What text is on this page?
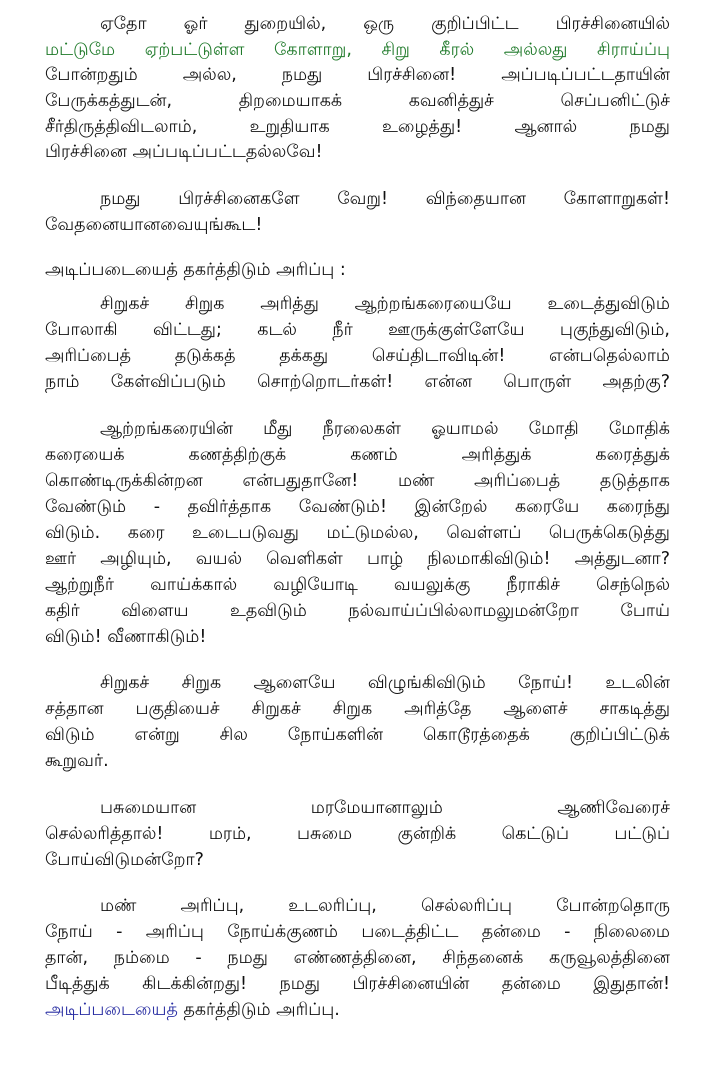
ஏதோ ஓர் துறையில், ஒரு குறிப்பிட்ட பிரச்சினையில்
மட்டுமே ஏற்பட்டுள்ள கோளாறு, சிறு கீரல் அல்லது சிராய்ப்பு
போன்றதும் அல்ல, நமது பிரச்சினை! அப்படிப்பட்டதாயின்
பேருக்கத்துடன், திறமையாகக் கவனித்துச் செப்பனிட்டுச்
சீர்திருத்திவிடலாம், உறுதியாக உழைத்து! ஆனால் நமது
பிரச்சினை அப்படிப்பட்டதல்லவே!
நமது பிரச்சினைகளே வேறு! விந்தையான கோளாறுகள்!
வேதனையானவையுங்கூட!
அடிப்படையைத் தகர்த்திடும் அரிப்பு :
சிறுகச் சிறுக அரித்து ஆற்றங்கரையையே உடைத்துவிடும்
போலாகி விட்டது; கடல் நீர் ஊருக்குள்ளேயே புகுந்துவிடும்,
அரிப்பைத் தடுக்கத் தக்கது செய்திடாவிடின்! என்பதெல்லாம்
நாம் கேள்விப்படும் சொற்றொடர்கள்! என்ன பொருள் அதற்கு?
ஆற்றங்கரையின் மீது நீரலைகள் ஓயாமல் மோதி மோதிக்
கரையைக் கணத்திற்குக் கணம் அரித்துக் கரைத்துக்
கொண்டிருக்கின்றன என்பதுதானே! மண் அரிப்பைத் தடுத்தாக
வேண்டும் - தவிர்த்தாக வேண்டும்! இன்றேல் கரையே கரைந்து
விடும். கரை உடைபடுவது மட்டுமல்ல, வெள்ளப் பெருக்கெடுத்து
ஊர் அழியும், வயல் வெளிகள் பாழ் நிலமாகிவிடும்! அத்துடனா?
ஆற்றுநீர் வாய்க்கால் வழியோடி வயலுக்கு நீராகிச் செந்நெல்
கதிர் விளைய உதவிடும் நல்வாய்ப்பில்லாமலுமன்றோ போய்
விடும்! வீணாகிடும்!
சிறுகச் சிறுக ஆளையே விழுங்கிவிடும் நோய்! உடலின்
சத்தான பகுதியைச் சிறுகச் சிறுக அரித்தே ஆளைச் சாகடித்து
விடும் என்று சில நோய்களின் கொடூரத்தைக் குறிப்பிட்டுக்
கூறுவர்.
பசுமையான மரமேயானாலும் ஆணிவேரைச்
செல்லரித்தால்! மரம், பசுமை குன்றிக் கெட்டுப் பட்டுப்
போய்விடுமன்றோ?
மண் அரிப்பு, உடலரிப்பு, செல்லரிப்பு போன்றதொரு
நோய் - அரிப்பு நோய்க்குணம் படைத்திட்ட தன்மை - நிலைமை
தான், நம்மை - நமது எண்ணத்தினை, சிந்தனைக் கருவூலத்தினை
பீடித்துக் கிடக்கின்றது! நமது பிரச்சினையின் தன்மை இதுதான்!
அடிப்படையைத் தகர்த்திடும் அரிப்பு.
